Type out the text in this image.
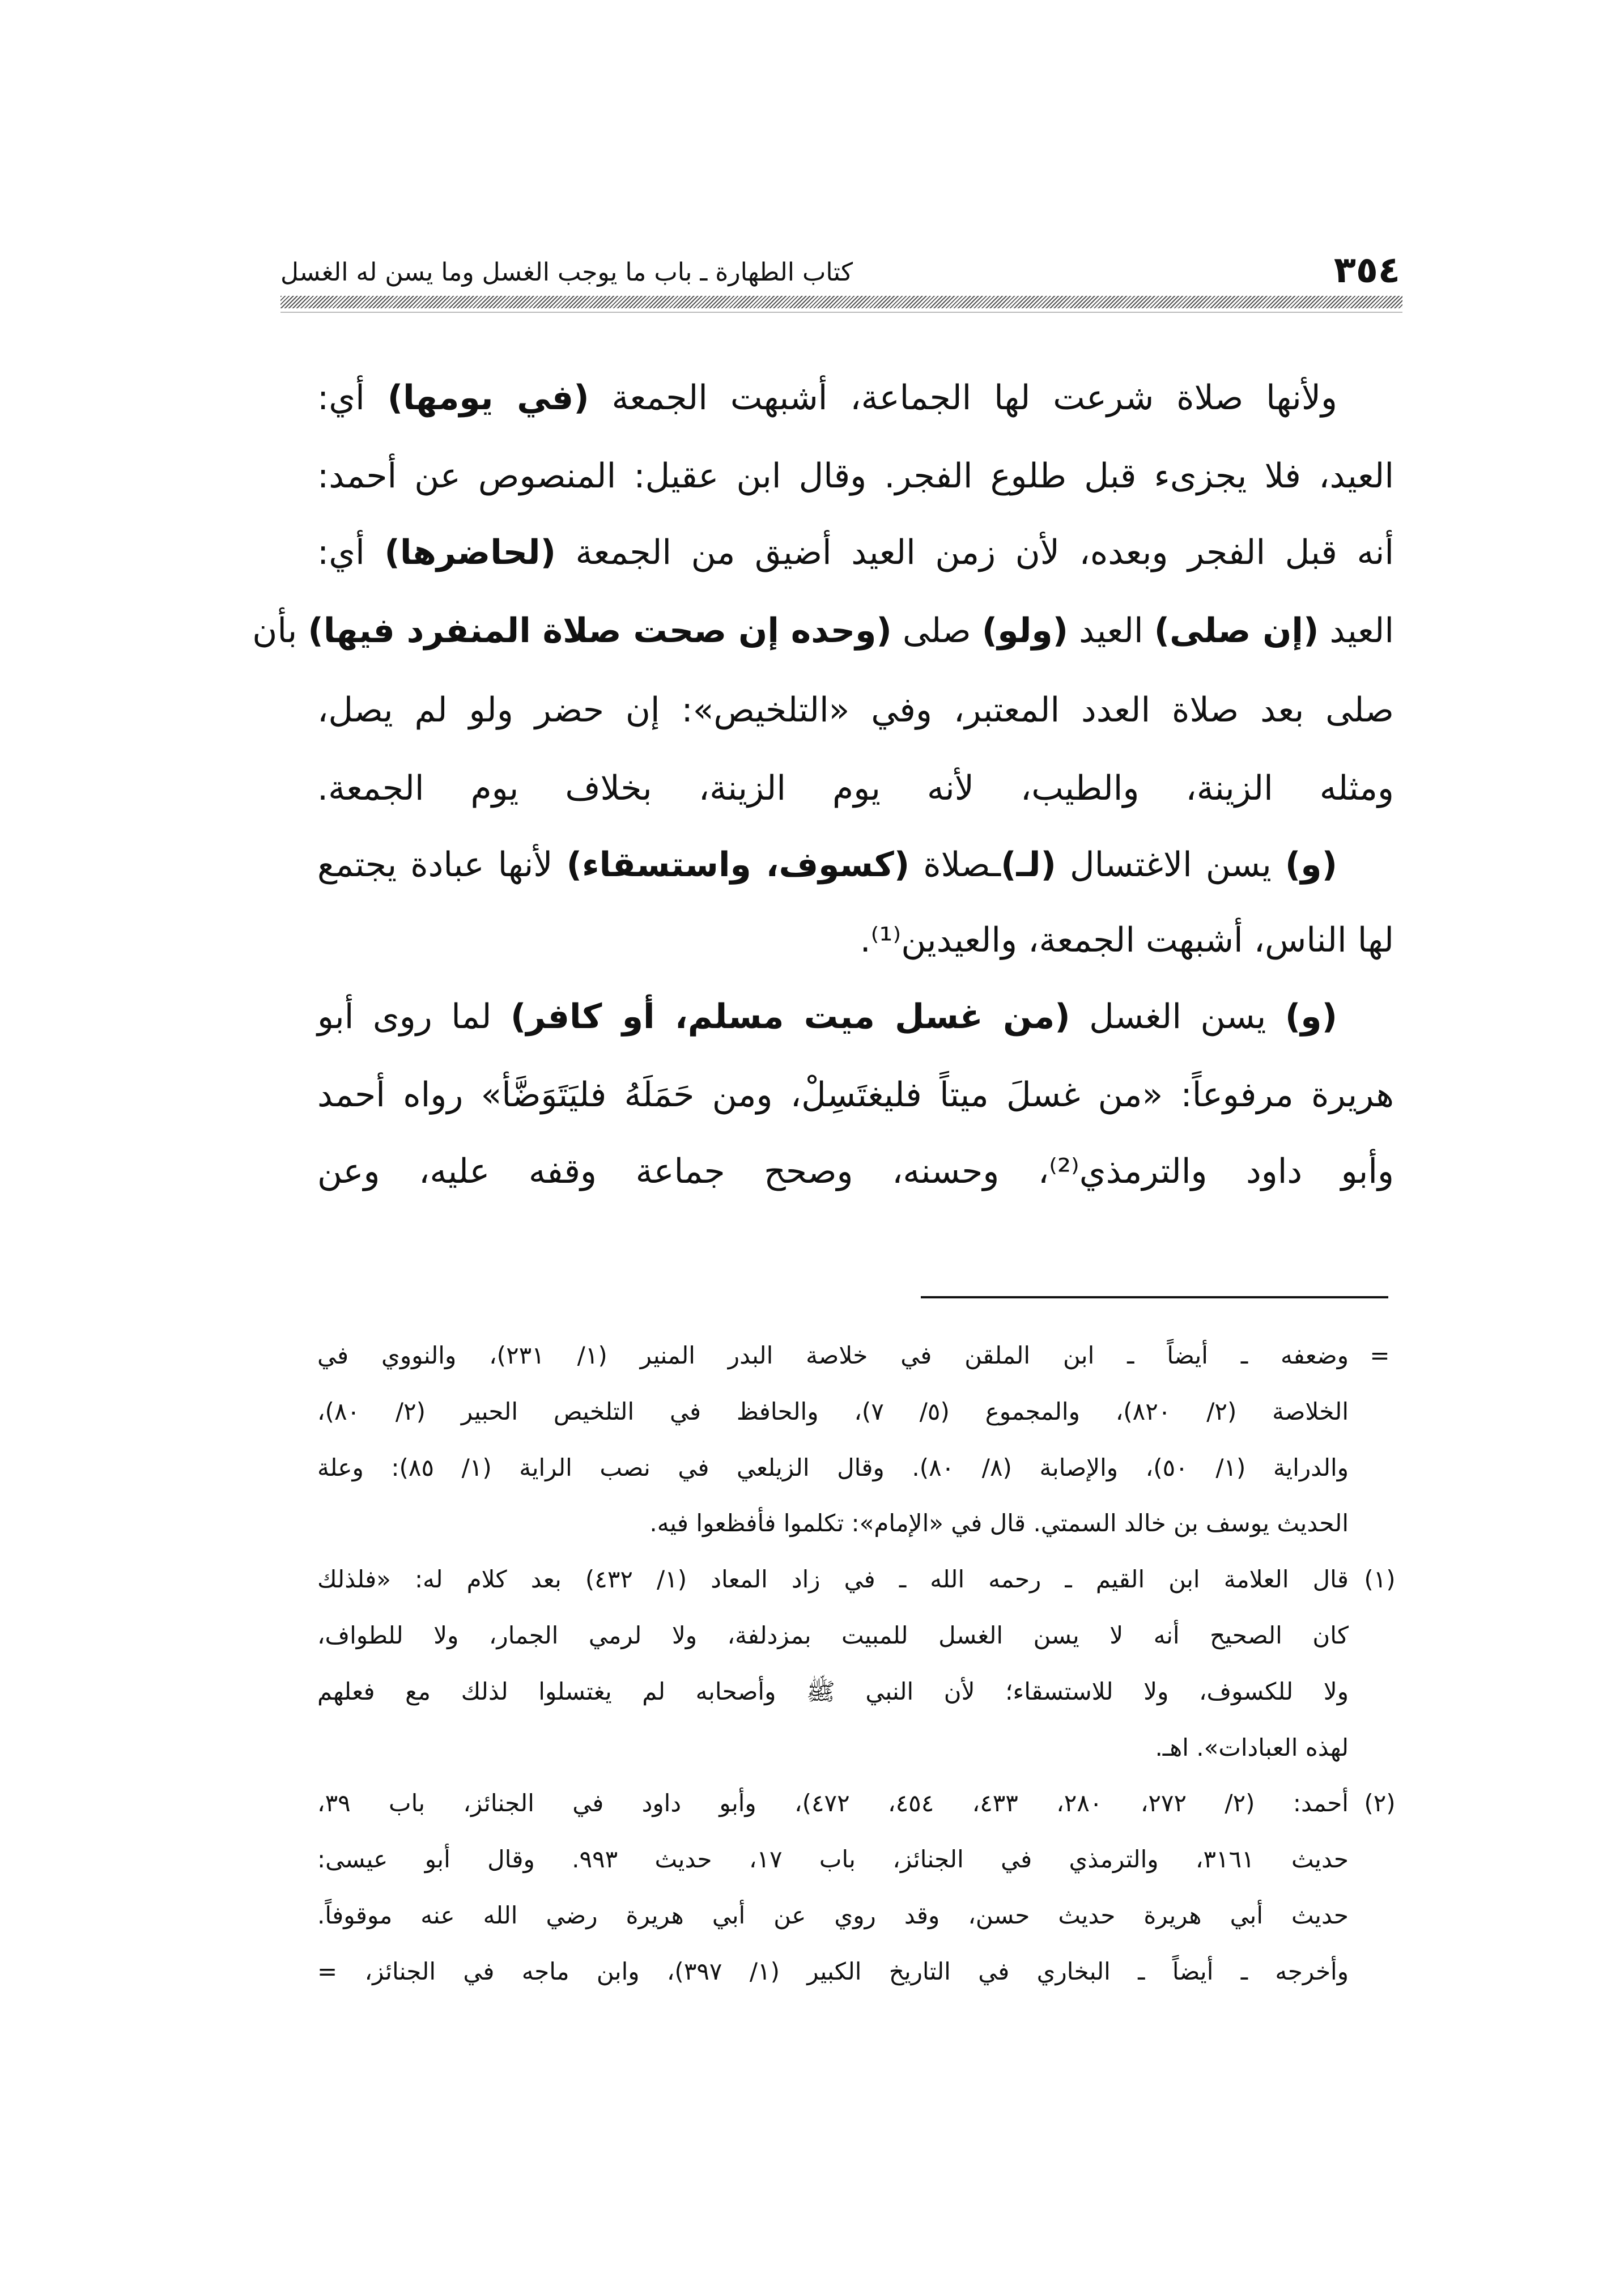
كتاب الطهارة ـ باب ما يوجب الغسل وما يسن له الغسل	٣٥٤
ولأنها صلاة شرعت لها الجماعة، أشبهت الجمعة (في يومها) أي:
العيد، فلا يجزىء قبل طلوع الفجر. وقال ابن عقيل: المنصوص عن أحمد:
أنه قبل الفجر وبعده، لأن زمن العيد أضيق من الجمعة (لحاضرها) أي:
العيد (إن صلى) العيد (ولو) صلى (وحده إن صحت صلاة المنفرد فيها) بأن
صلى بعد صلاة العدد المعتبر، وفي «التلخيص»: إن حضر ولو لم يصل،
ومثله الزينة، والطيب، لأنه يوم الزينة، بخلاف يوم الجمعة.
(و) يسن الاغتسال (لـ)ـصلاة (كسوف، واستسقاء) لأنها عبادة يجتمع
لها الناس، أشبهت الجمعة، والعيدين⁽¹⁾.
(و) يسن الغسل (من غسل ميت مسلم، أو كافر) لما روى أبو
هريرة مرفوعاً: «من غسلَ ميتاً فليغتَسِلْ، ومن حَمَلَهُ فليَتَوَضَّأ» رواه أحمد
وأبو داود والترمذي⁽²⁾، وحسنه، وصحح جماعة وقفه عليه، وعن
=
وضعفه ـ أيضاً ـ ابن الملقن في خلاصة البدر المنير (١/ ٢٣١)، والنووي في
الخلاصة (٢/ ٨٢٠)، والمجموع (٥/ ٧)، والحافظ في التلخيص الحبير (٢/ ٨٠)،
والدراية (١/ ٥٠)، والإصابة (٨/ ٨٠). وقال الزيلعي في نصب الراية (١/ ٨٥): وعلة
الحديث يوسف بن خالد السمتي. قال في «الإمام»: تكلموا فأفظعوا فيه.
(١)
قال العلامة ابن القيم ـ رحمه الله ـ في زاد المعاد (١/ ٤٣٢) بعد كلام له: «فلذلك
كان الصحيح أنه لا يسن الغسل للمبيت بمزدلفة، ولا لرمي الجمار، ولا للطواف،
ولا للكسوف، ولا للاستسقاء؛ لأن النبي ﷺ وأصحابه لم يغتسلوا لذلك مع فعلهم
لهذه العبادات». اهـ.
(٢)
أحمد: (٢/ ٢٧٢، ٢٨٠، ٤٣٣، ٤٥٤، ٤٧٢)، وأبو داود في الجنائز، باب ٣٩،
حديث ٣١٦١، والترمذي في الجنائز، باب ١٧، حديث ٩٩٣. وقال أبو عيسى:
حديث أبي هريرة حديث حسن، وقد روي عن أبي هريرة رضي الله عنه موقوفاً.
وأخرجه ـ أيضاً ـ البخاري في التاريخ الكبير (١/ ٣٩٧)، وابن ماجه في الجنائز، =
